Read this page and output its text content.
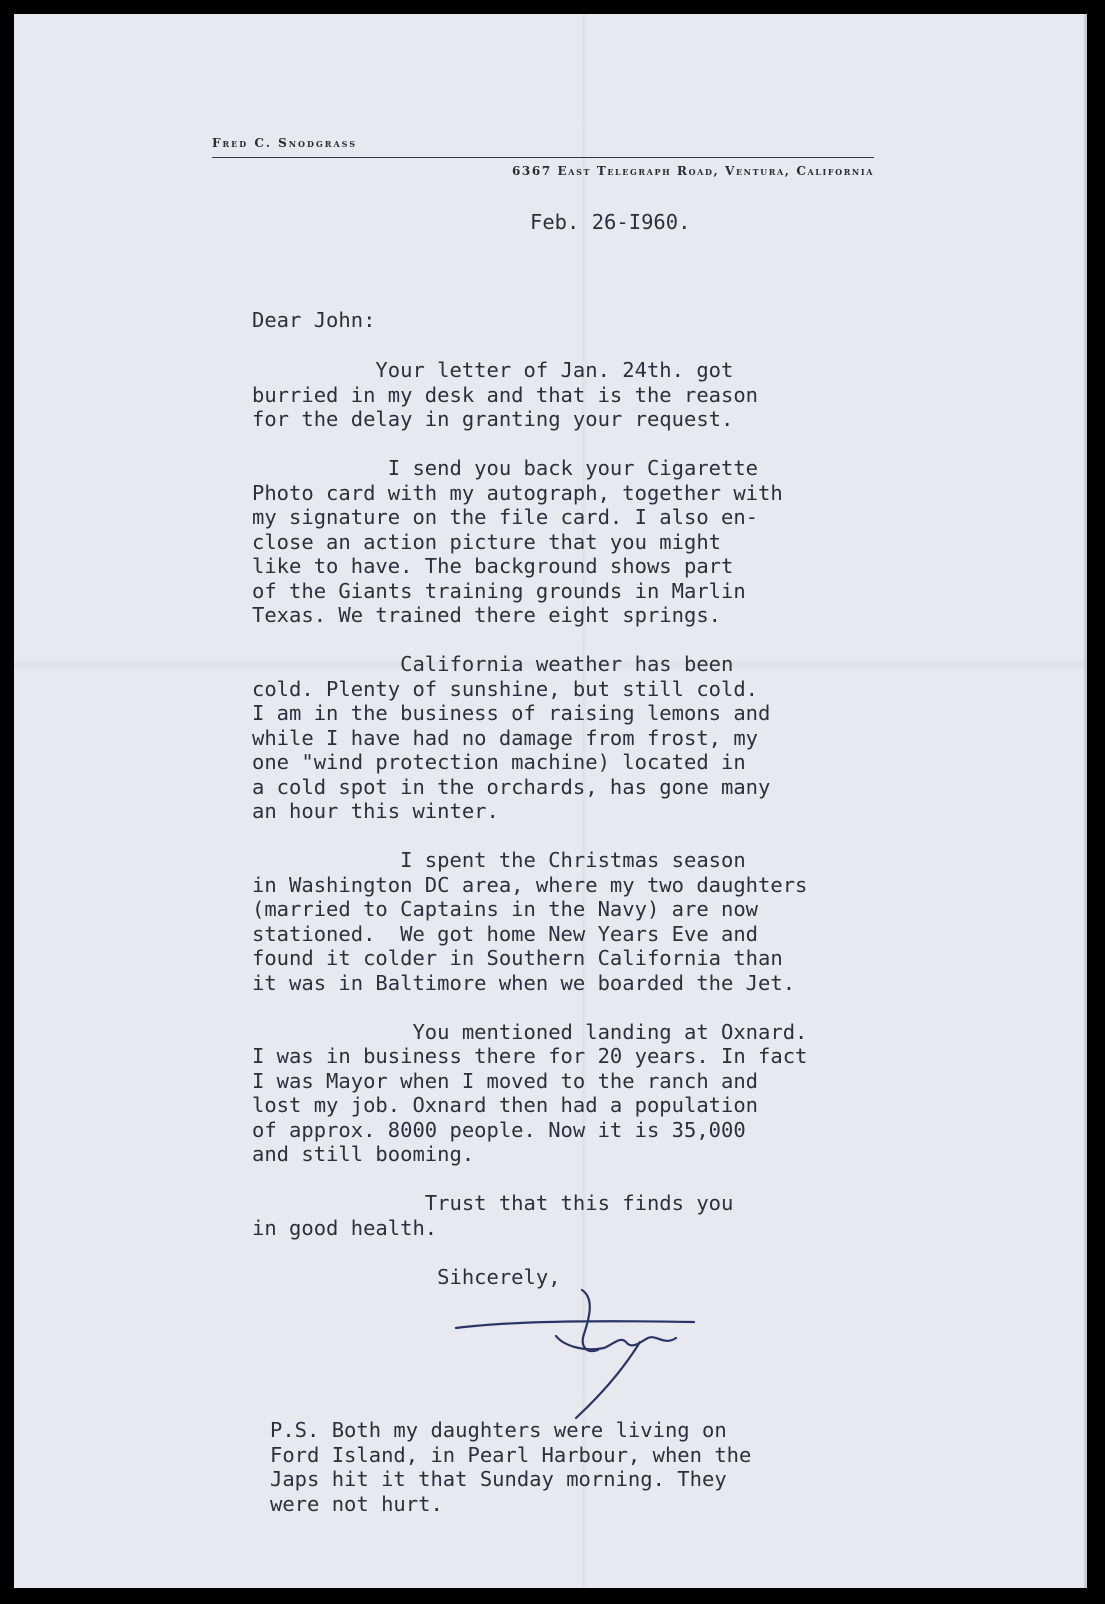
Fred C. Snodgrass
6367 East Telegraph Road, Ventura, California
Feb. 26-I960.
Dear John:
Your letter of Jan. 24th. got
burried in my desk and that is the reason
for the delay in granting your request.

I send you back your Cigarette
Photo card with my autograph, together with
my signature on the file card. I also en-
close an action picture that you might
like to have. The background shows part
of the Giants training grounds in Marlin
Texas. We trained there eight springs.

California weather has been
cold. Plenty of sunshine, but still cold.
I am in the business of raising lemons and
while I have had no damage from frost, my
one "wind protection machine) located in
a cold spot in the orchards, has gone many
an hour this winter.

I spent the Christmas season
in Washington DC area, where my two daughters
(married to Captains in the Navy) are now
stationed.  We got home New Years Eve and
found it colder in Southern California than
it was in Baltimore when we boarded the Jet.

You mentioned landing at Oxnard.
I was in business there for 20 years. In fact
I was Mayor when I moved to the ranch and
lost my job. Oxnard then had a population
of approx. 8000 people. Now it is 35,000
and still booming.

Trust that this finds you
in good health.

Sihcerely,
P.S. Both my daughters were living on
Ford Island, in Pearl Harbour, when the
Japs hit it that Sunday morning. They
were not hurt.
